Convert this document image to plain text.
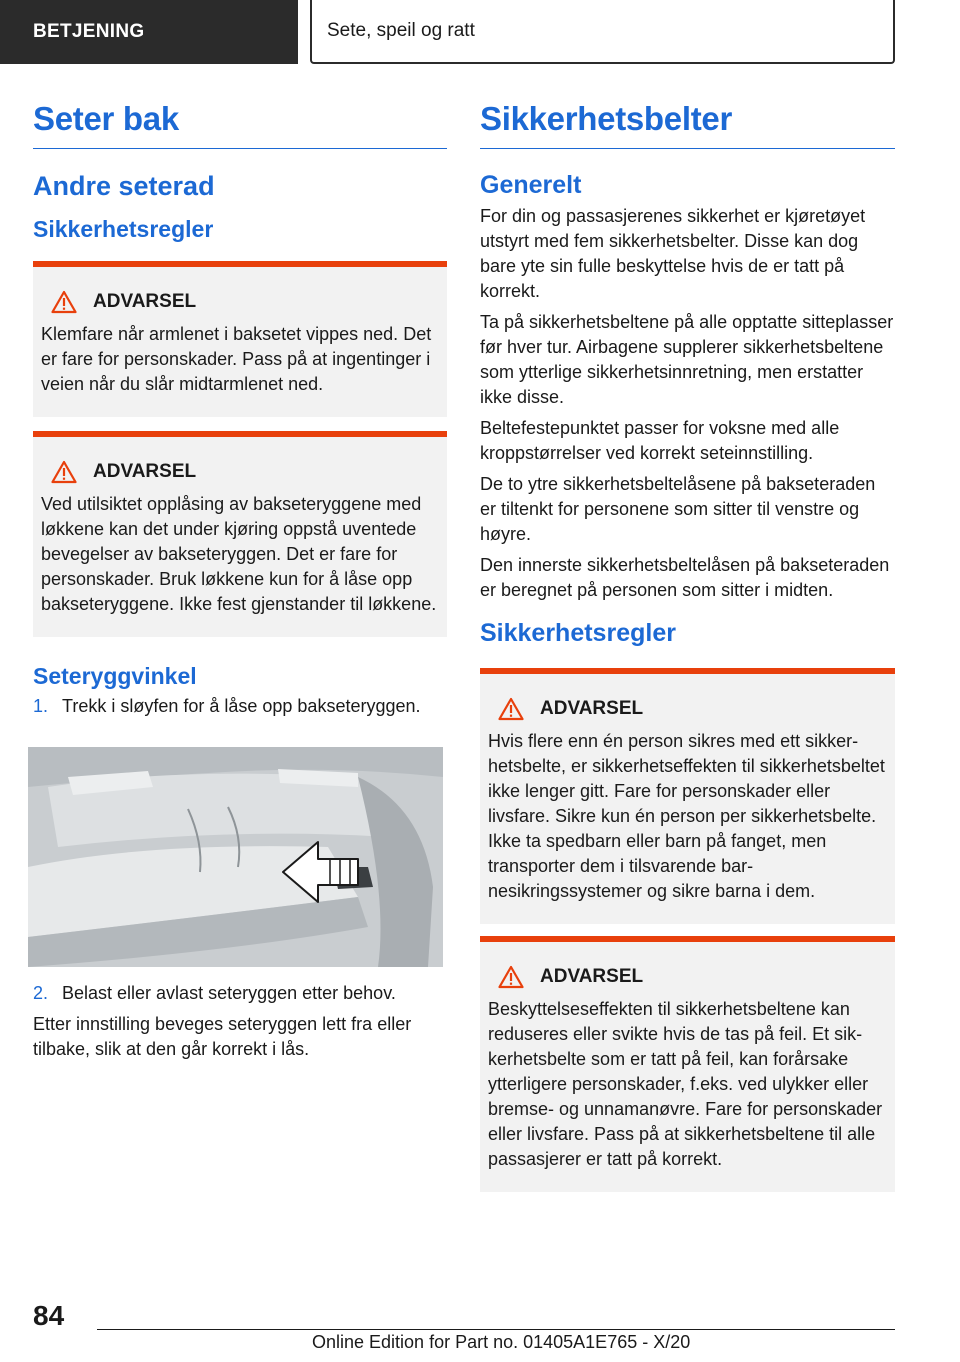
BETJENING	Sete, speil og ratt
Seter bak
Andre seterad
Sikkerhetsregler
ADVARSEL
Klemfare når armlenet i baksetet vippes ned. Det er fare for personskader. Pass på at ingentinger i veien når du slår midtarmlenet ned.
ADVARSEL
Ved utilsiktet opplåsing av bakseteryggene med løkkene kan det under kjøring oppstå uventede bevegelser av bakseteryggen. Det er fare for personskader. Bruk løkkene kun for å låse opp bakseteryggene. Ikke fest gjenstander til løkkene.
Seteryggvinkel
1. Trekk i sløyfen for å låse opp bakseteryggen.
2. Belast eller avlast seteryggen etter behov.

Etter innstilling beveges seteryggen lett fra eller tilbake, slik at den går korrekt i lås.

Sikkerhetsbelter
Generelt

For din og passasjerenes sikkerhet er kjøretøyet utstyrt med fem sikkerhetsbelter. Disse kan dog bare yte sin fulle beskyttelse hvis de er tatt på korrekt.

Ta på sikkerhetsbeltene på alle opptatte sitteplasser før hver tur. Airbagene supplerer sikkerhetsbeltene som ytterlige sikkerhetsinnretning, men erstatter ikke disse.

Beltefestepunktet passer for voksne med alle kroppstørrelser ved korrekt seteinnstilling.

De to ytre sikkerhetsbeltelåsene på bakseteraden er tiltenkt for personene som sitter til venstre og høyre.

Den innerste sikkerhetsbeltelåsen på bakseteraden er beregnet på personen som sitter i midten.

Sikkerhetsregler
ADVARSEL
Hvis flere enn én person sikres med ett sikkerhetsbelte, er sikkerhetseffekten til sikkerhetsbeltet ikke lenger gitt. Fare for personskader eller livsfare. Sikre kun én person per sikkerhetsbelte. Ikke ta spedbarn eller barn på fanget, men transporter dem i tilsvarende barnesikringssystemer og sikre barna i dem.
ADVARSEL
Beskyttelseseffekten til sikkerhetsbeltene kan reduseres eller svikte hvis de tas på feil. Et sikkerhetsbelte som er tatt på feil, kan forårsake ytterligere personskader, f.eks. ved ulykker eller bremse- og unnamanøvre. Fare for personskader eller livsfare. Pass på at sikkerhetsbeltene til alle passasjerer er tatt på korrekt.
84
Online Edition for Part no. 01405A1E765 - X/20
